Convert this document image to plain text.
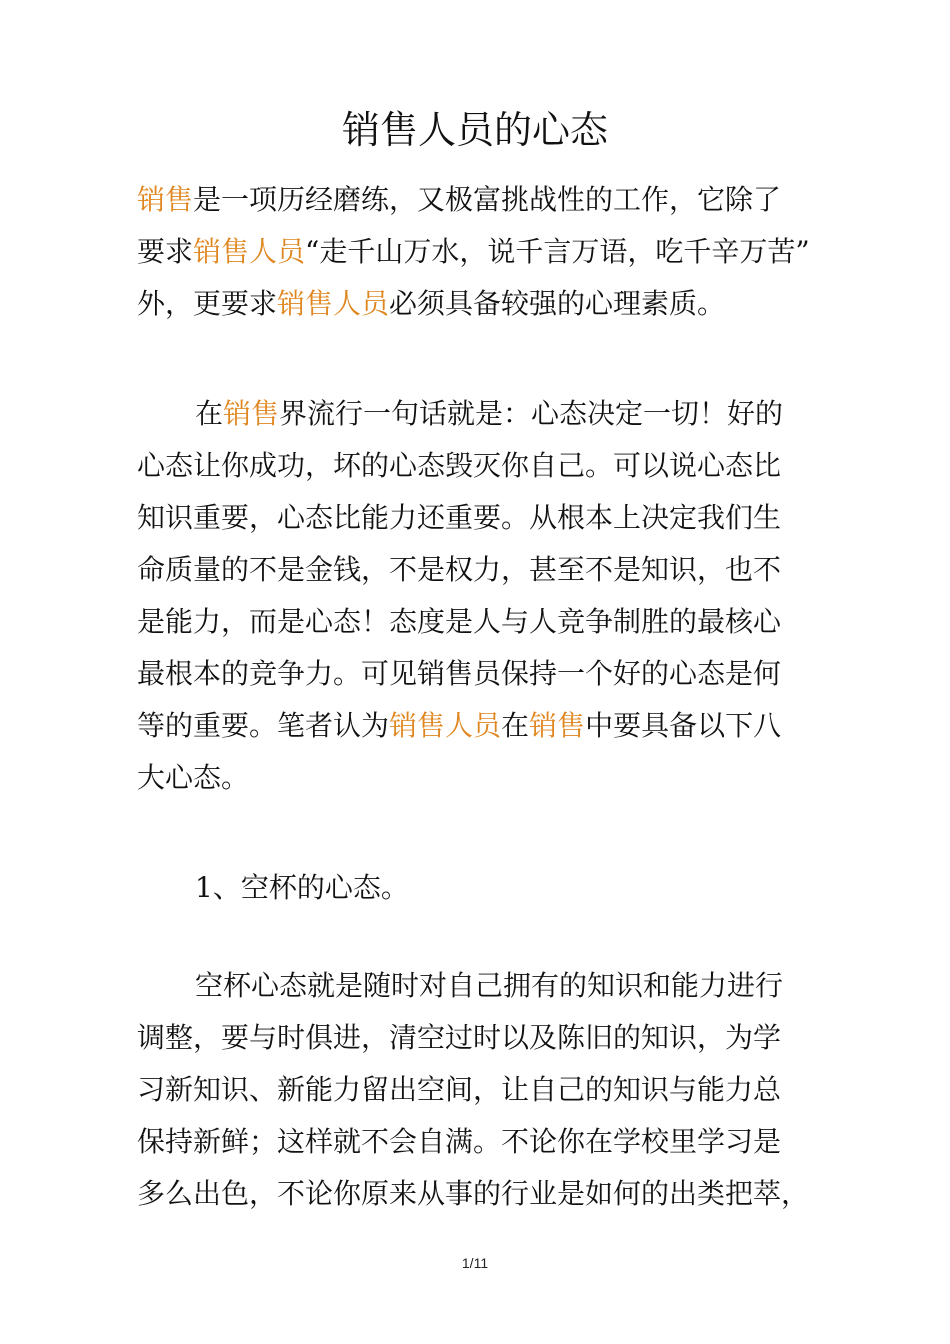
销售人员的心态
销售是一项历经磨练，又极富挑战性的工作，它除了
要求销售人员“走千山万水，说千言万语，吃千辛万苦”
外，更要求销售人员必须具备较强的心理素质。
在销售界流行一句话就是：心态决定一切！好的
心态让你成功，坏的心态毁灭你自己。可以说心态比
知识重要，心态比能力还重要。从根本上决定我们生
命质量的不是金钱，不是权力，甚至不是知识，也不
是能力，而是心态！态度是人与人竞争制胜的最核心
最根本的竞争力。可见销售员保持一个好的心态是何
等的重要。笔者认为销售人员在销售中要具备以下八
大心态。
1、空杯的心态。
空杯心态就是随时对自己拥有的知识和能力进行
调整，要与时俱进，清空过时以及陈旧的知识，为学
习新知识、新能力留出空间，让自己的知识与能力总
保持新鲜；这样就不会自满。不论你在学校里学习是
多么出色，不论你原来从事的行业是如何的出类把萃，
1/11
